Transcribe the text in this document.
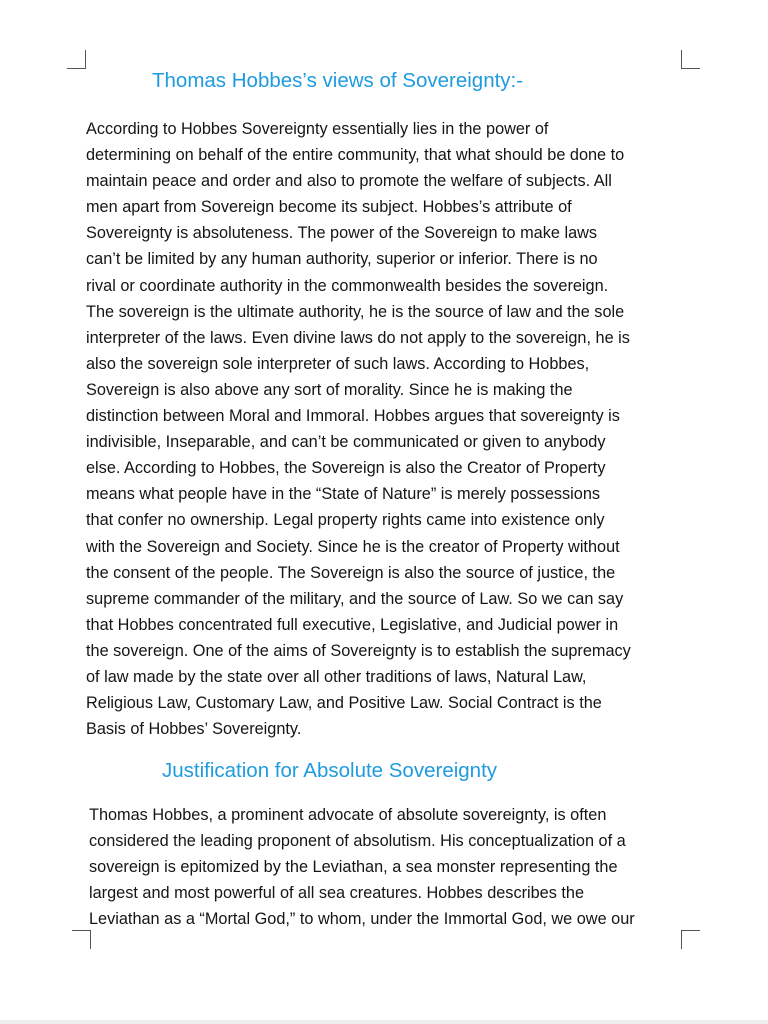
Thomas Hobbes’s views of Sovereignty:-
According to Hobbes Sovereignty essentially lies in the power of
determining on behalf of the entire community, that what should be done to
maintain peace and order and also to promote the welfare of subjects. All
men apart from Sovereign become its subject. Hobbes’s attribute of
Sovereignty is absoluteness. The power of the Sovereign to make laws
can’t be limited by any human authority, superior or inferior. There is no
rival or coordinate authority in the commonwealth besides the sovereign.
The sovereign is the ultimate authority, he is the source of law and the sole
interpreter of the laws. Even divine laws do not apply to the sovereign, he is
also the sovereign sole interpreter of such laws. According to Hobbes,
Sovereign is also above any sort of morality. Since he is making the
distinction between Moral and Immoral. Hobbes argues that sovereignty is
indivisible, Inseparable, and can’t be communicated or given to anybody
else. According to Hobbes, the Sovereign is also the Creator of Property
means what people have in the “State of Nature” is merely possessions
that confer no ownership. Legal property rights came into existence only
with the Sovereign and Society. Since he is the creator of Property without
the consent of the people. The Sovereign is also the source of justice, the
supreme commander of the military, and the source of Law. So we can say
that Hobbes concentrated full executive, Legislative, and Judicial power in
the sovereign. One of the aims of Sovereignty is to establish the supremacy
of law made by the state over all other traditions of laws, Natural Law,
Religious Law, Customary Law, and Positive Law. Social Contract is the
Basis of Hobbes’ Sovereignty.
Justification for Absolute Sovereignty
Thomas Hobbes, a prominent advocate of absolute sovereignty, is often
considered the leading proponent of absolutism. His conceptualization of a
sovereign is epitomized by the Leviathan, a sea monster representing the
largest and most powerful of all sea creatures. Hobbes describes the
Leviathan as a “Mortal God,” to whom, under the Immortal God, we owe our
